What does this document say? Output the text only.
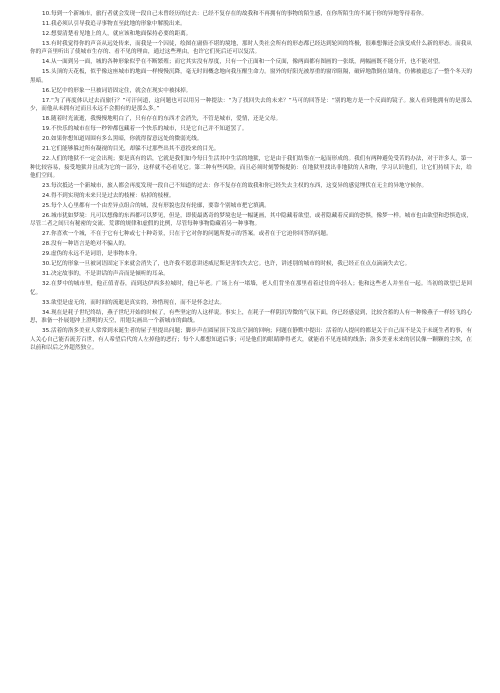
10.每到一个新城市，旅行者就会发现一段自己未曾经历的过去：已经不复存在的故我和不再拥有的事物的陌生感，在你所陌生的不属于你的异地等待着你。
11.我必须认引导我追寻事物直至此地的形象中解脱出来。
12.想要清楚看见地上的人，就应该和地面保持必要的距离。
13.有时我觉得你的声音从远处传来，而我是一个囚徒，绘图在庸俗不堪的境地，那时人类社会所有的形态都已经达到轮回的终极，很难想像还会演变成什么新的形态。而我从你的声音里听出了使城市生存的、看不见的理由，通过这些理由，也许它们死后还可以复活。
14.从一面到另一面，城的各种形象似乎在不断繁殖；而它其实没有厚度，只有一个正面和一个反面，像两面都有图画的一张纸，两幅画既不能分开，也不能对望。
15.头顶的天花板，似乎像这座城市的地面一样慢慢沉降，毫无时间概念地向我压醒生命力。窗外的好阳光被厚重的窗帘阻隔，破碎地散倒在墙角，仿佛被遗忘了一整个冬天的黑暗。
16.记忆中的形象一旦被词语固定住，就会在现实中被抹掉。
17.“为了再度体认过去而旅行？”可汗问道，这问题也可以用另一种提法：“为了找回失去的未来？”马可的回答是：“别的地方是一个反面的镜子。旅人看到他拥有的是那么少，而他从未拥有过而且永远不会拥有的是那么多。”
18.随着时光流逝，我慢慢地明白了，只有存在的东西才会消失，不管是城市，爱情，还是父母。
19.不快乐的城市在每一秒钟都包藏着一个快乐的城市，只是它自己并不知道罢了。
20.如果你想知道周围有多么黑暗，你就得留意远处的微弱光线。
21.它们能够躲过所有凝视的目光，却躲不过那些出其不意投来的目光。
22.人们的地狱不一定会出现；要是真有的话，它就是我们如今每日生活其中生活的地狱，它是由于我们结集在一起而形成的。我们有两种避免受苦的办法，对于许多人，第一种比较容易，接受地狱并且成为它的一部分，这样就不必看见它。第二种有些风险，而且必须时刻警惕提防：在地狱里找出非地狱的人和物，学习认识他们，让它们持续下去，给他们空间。
23.每次抵达一个新城市，旅人都会再度发现一段自己不知道的过去：你不复存在的故我和你已经失去主权的东西，这变异的感觉埋伏在无主的异地守候你。
24.得不到实现的未来只是过去的枝桠：枯掉的枝桠。
25.每个人心里都有一个由差异点组合的城，没有形貌也没有轮廓，要靠个别城市把它填满。
26.城市犹如梦境：凡可以想像的东西都可以梦见，但是，即使最离奇的梦境也是一幅谜画，其中隐藏着欲望，或者隐藏着反面的恐惧，像梦一样。城市也由欲望和恐惧造成，尽管二者之间只有秘密的交流、荒谬的规律和虚假的比例，尽管每种事物隐藏着另一种事物。
27.你喜欢一个城，不在于它有七种或七十种奇景，只在于它对你的问题所提示的答案。或者在于它迫你回答的问题。
28.没有一种语言是绝对不骗人的。
29.虚伪的永远不是词语，是事物本身。
30.记忆的形象一旦被词语固定下来就会消失了，也许我不愿意讲述威尼斯是害怕失去它。也许，讲述别的城市的时候，我已经正在点点滴滴失去它。
31.决定故事的，不是讲话的声音而是倾听的耳朵。
32.在梦中的城市里，他正值青春，而到达伊西多拉城时，他已年老。广场上有一堵墙，老人们背坐在那里看着过往的年轻人；他和这些老人并坐在一起。当初的欲望已是回忆。
33.欲望是虚无的，而时间的流逝是真实的，珍惜现在，而不是怀念过去。
34.现在是耗子世纪终结，燕子世纪开始的时候了，有些坚定的人这样说。事实上，在耗子一样阴沉卑微的气氛下面，你已经感觉到，比较含蓄的人有一种像燕子一样轻飞的心思，准备一扑展翅冲上澄明的天空，用翅尖画出一个新城市的曲线。
35.活着的洛多美亚人常常到未诞生者的屋子里提出问题；脚步声在圆屋顶下发出空洞的回响；问题在静默中提出：活着的人提问的都是关于自己而不是关于未诞生者的事，有人关心自己能否流芳百世，有人希望后代的人左掉他的恶行；每个人都想知道后事；可是他们的眼睛睁得老大，就能看不见连续的线条；洛多美亚未来的居民像一颗颗的尘埃，在以前和以后之外超然独立。
